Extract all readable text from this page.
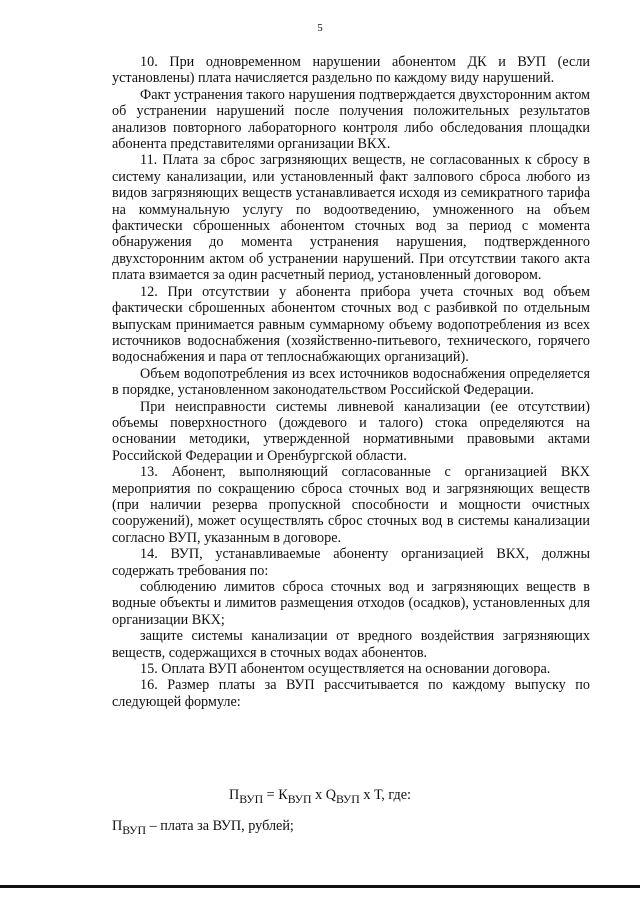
5

10. При одновременном нарушении абонентом ДК и ВУП (если установлены) плата начисляется раздельно по каждому виду нарушений.

Факт устранения такого нарушения подтверждается двухсторонним актом об устранении нарушений после получения положительных результатов анализов повторного лабораторного контроля либо обследования площадки абонента представителями организации ВКХ.

11. Плата за сброс загрязняющих веществ, не согласованных к сбросу в систему канализации, или установленный факт залпового сброса любого из видов загрязняющих веществ устанавливается исходя из семикратного тарифа на коммунальную услугу по водоотведению, умноженного на объем фактически сброшенных абонентом сточных вод за период с момента обнаружения до момента устранения нарушения, подтвержденного двухсторонним актом об устранении нарушений. При отсутствии такого акта плата взимается за один расчетный период, установленный договором.

12. При отсутствии у абонента прибора учета сточных вод объем фактически сброшенных абонентом сточных вод с разбивкой по отдельным выпускам принимается равным суммарному объему водопотребления из всех источников водоснабжения (хозяйственно-питьевого, технического, горячего водоснабжения и пара от теплоснабжающих организаций).

Объем водопотребления из всех источников водоснабжения определяется в порядке, установленном законодательством Российской Федерации.

При неисправности системы ливневой канализации (ее отсутствии) объемы поверхностного (дождевого и талого) стока определяются на основании методики, утвержденной нормативными правовыми актами Российской Федерации и Оренбургской области.

13. Абонент, выполняющий согласованные с организацией ВКХ мероприятия по сокращению сброса сточных вод и загрязняющих веществ (при наличии резерва пропускной способности и мощности очистных сооружений), может осуществлять сброс сточных вод в системы канализации согласно ВУП, указанным в договоре.

14. ВУП, устанавливаемые абоненту организацией ВКХ, должны содержать требования по:

соблюдению лимитов сброса сточных вод и загрязняющих веществ в водные объекты и лимитов размещения отходов (осадков), установленных для организации ВКХ;

защите системы канализации от вредного воздействия загрязняющих веществ, содержащихся в сточных водах абонентов.

15. Оплата ВУП абонентом осуществляется на основании договора.

16. Размер платы за ВУП рассчитывается по каждому выпуску по следующей формуле:

$П_{ВУП} = К_{ВУП}$ х $Q_{ВУП}$ х Т, где:
$П_{ВУП}$ – плата за ВУП, рублей;
